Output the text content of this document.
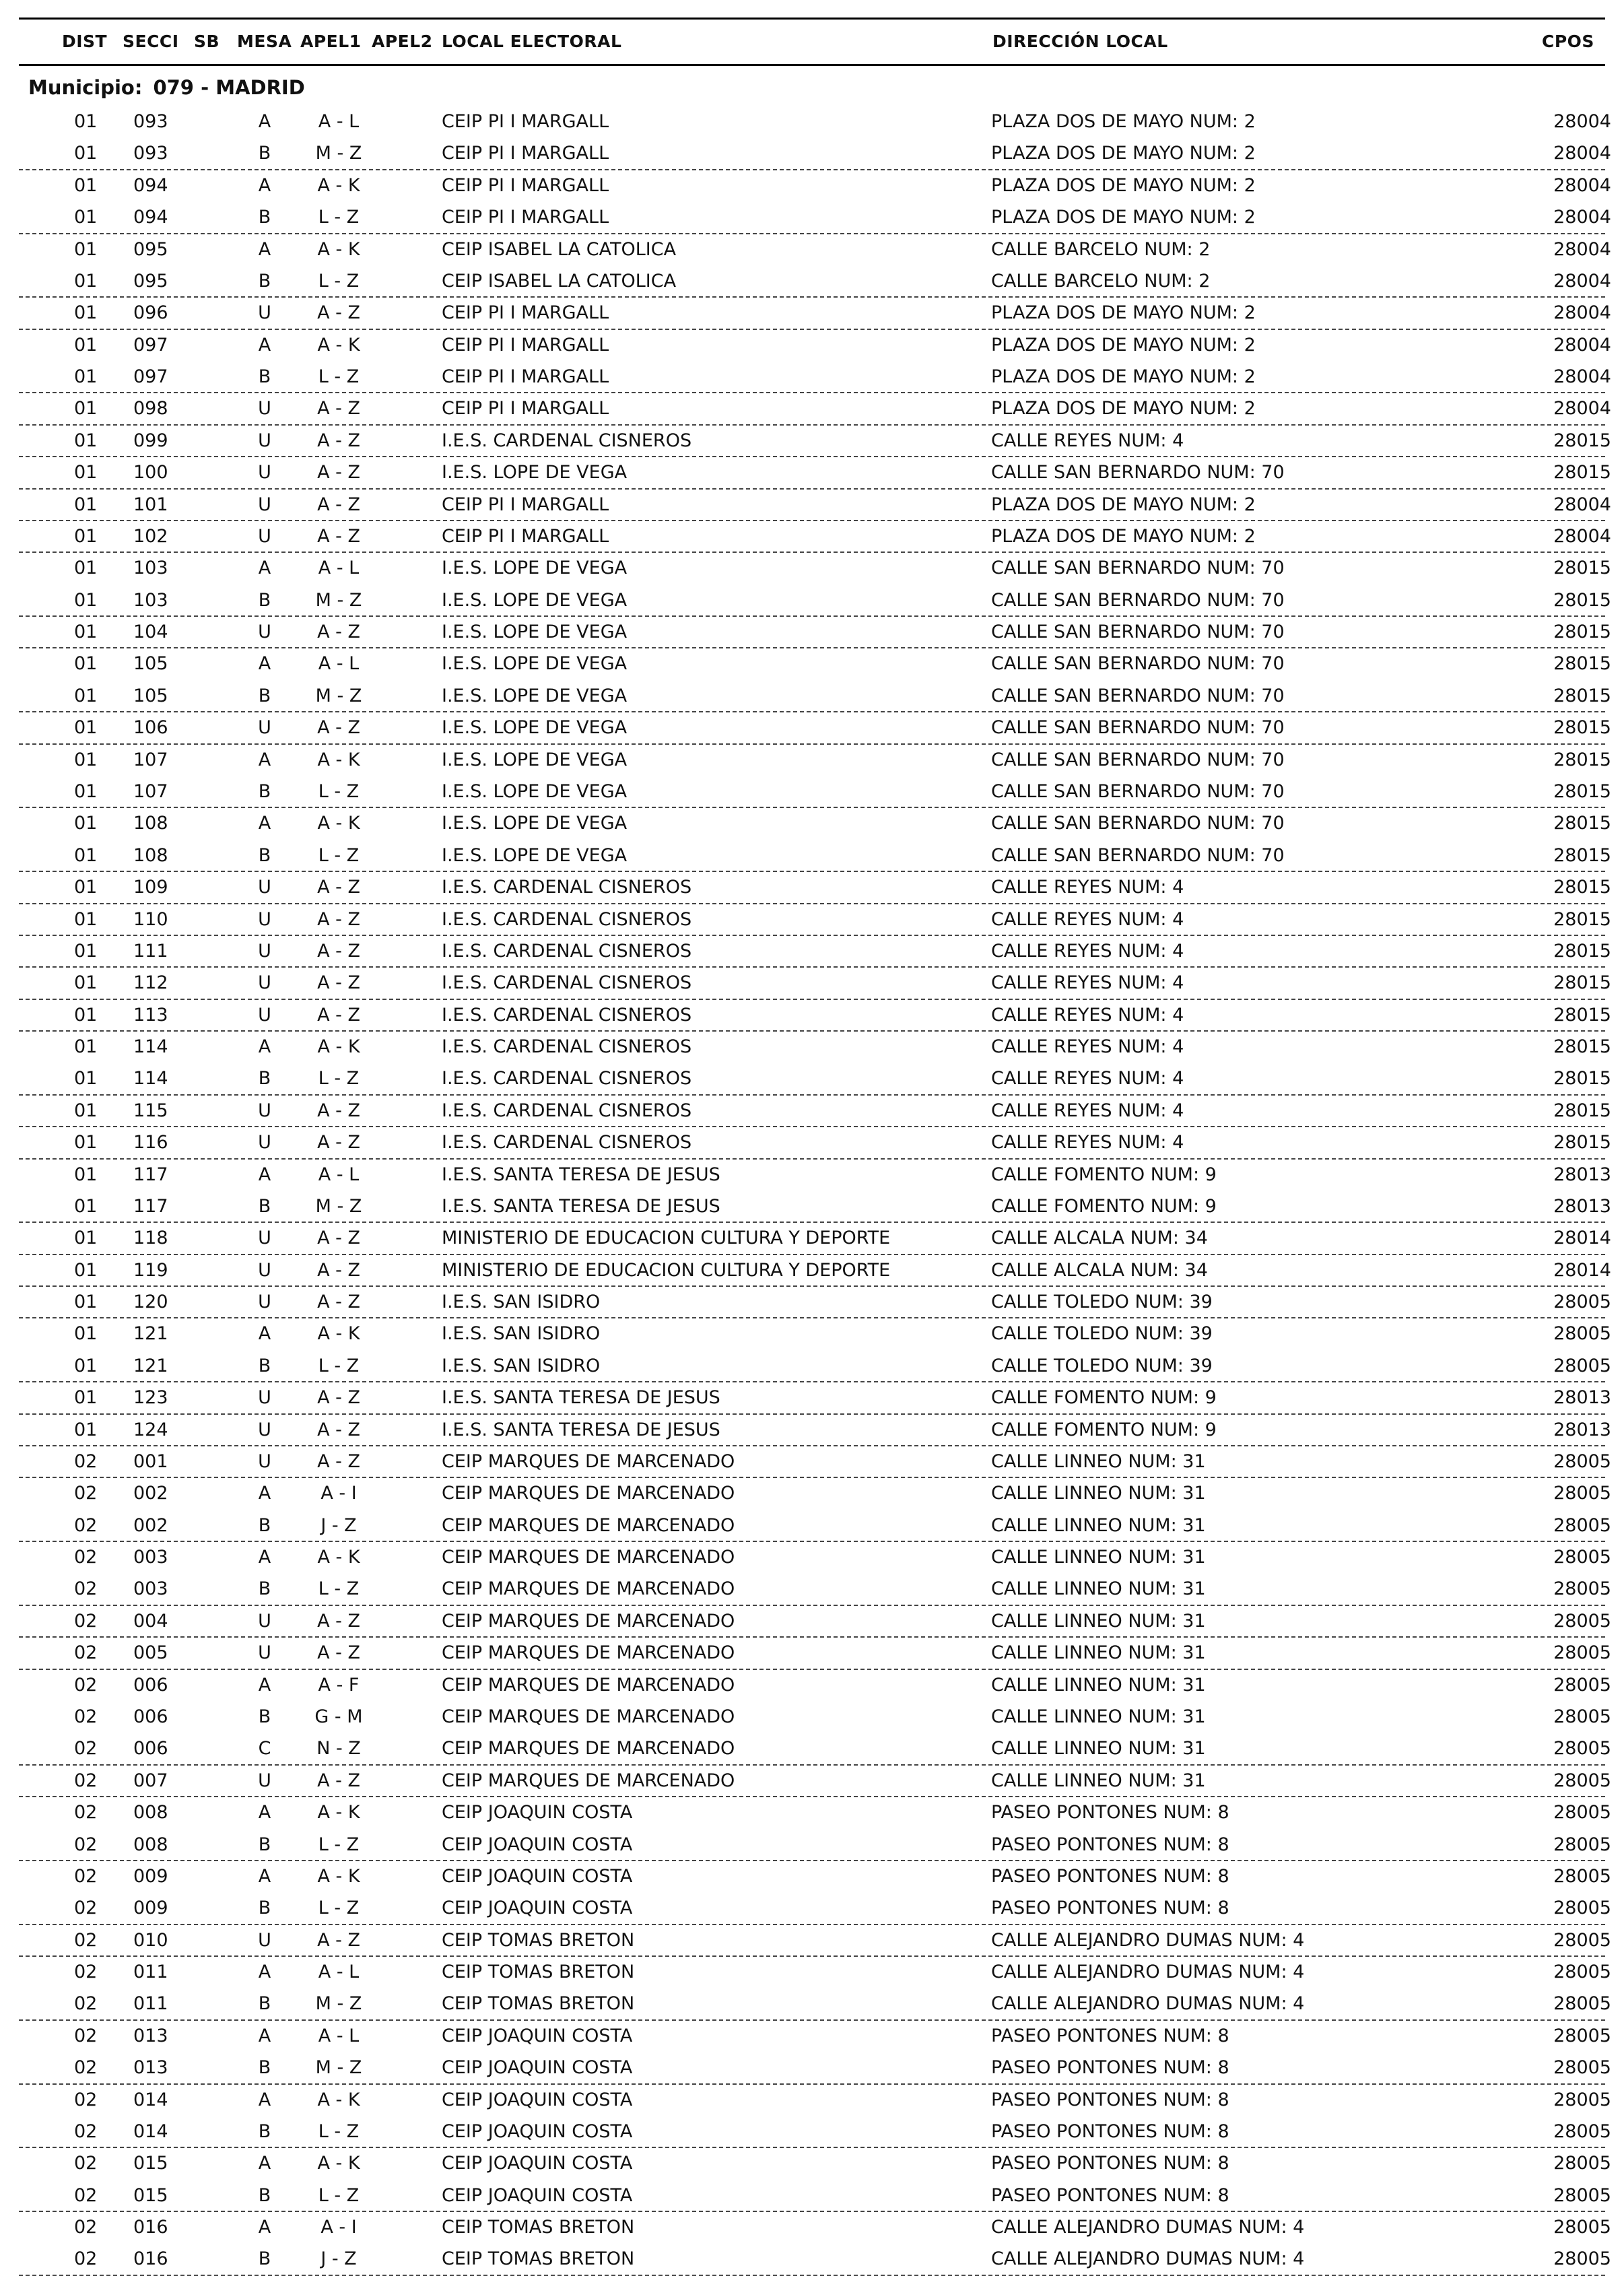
DIST SECCI SB MESA APEL1 APEL2 LOCAL ELECTORAL	DIRECCIÓN LOCAL	CPOS
Municipio: 079 - MADRID
01	093	A	A - L	CEIP PI I MARGALL	PLAZA DOS DE MAYO NUM: 2	28004
01	093	B	M - Z	CEIP PI I MARGALL	PLAZA DOS DE MAYO NUM: 2	28004
01	094	A	A - K	CEIP PI I MARGALL	PLAZA DOS DE MAYO NUM: 2	28004
01	094	B	L - Z	CEIP PI I MARGALL	PLAZA DOS DE MAYO NUM: 2	28004
01	095	A	A - K	CEIP ISABEL LA CATOLICA	CALLE BARCELO NUM: 2	28004
01	095	B	L - Z	CEIP ISABEL LA CATOLICA	CALLE BARCELO NUM: 2	28004
01	096	U	A - Z	CEIP PI I MARGALL	PLAZA DOS DE MAYO NUM: 2	28004
01	097	A	A - K	CEIP PI I MARGALL	PLAZA DOS DE MAYO NUM: 2	28004
01	097	B	L - Z	CEIP PI I MARGALL	PLAZA DOS DE MAYO NUM: 2	28004
01	098	U	A - Z	CEIP PI I MARGALL	PLAZA DOS DE MAYO NUM: 2	28004
01	099	U	A - Z	I.E.S. CARDENAL CISNEROS	CALLE REYES NUM: 4	28015
01	100	U	A - Z	I.E.S. LOPE DE VEGA	CALLE SAN BERNARDO NUM: 70	28015
01	101	U	A - Z	CEIP PI I MARGALL	PLAZA DOS DE MAYO NUM: 2	28004
01	102	U	A - Z	CEIP PI I MARGALL	PLAZA DOS DE MAYO NUM: 2	28004
01	103	A	A - L	I.E.S. LOPE DE VEGA	CALLE SAN BERNARDO NUM: 70	28015
01	103	B	M - Z	I.E.S. LOPE DE VEGA	CALLE SAN BERNARDO NUM: 70	28015
01	104	U	A - Z	I.E.S. LOPE DE VEGA	CALLE SAN BERNARDO NUM: 70	28015
01	105	A	A - L	I.E.S. LOPE DE VEGA	CALLE SAN BERNARDO NUM: 70	28015
01	105	B	M - Z	I.E.S. LOPE DE VEGA	CALLE SAN BERNARDO NUM: 70	28015
01	106	U	A - Z	I.E.S. LOPE DE VEGA	CALLE SAN BERNARDO NUM: 70	28015
01	107	A	A - K	I.E.S. LOPE DE VEGA	CALLE SAN BERNARDO NUM: 70	28015
01	107	B	L - Z	I.E.S. LOPE DE VEGA	CALLE SAN BERNARDO NUM: 70	28015
01	108	A	A - K	I.E.S. LOPE DE VEGA	CALLE SAN BERNARDO NUM: 70	28015
01	108	B	L - Z	I.E.S. LOPE DE VEGA	CALLE SAN BERNARDO NUM: 70	28015
01	109	U	A - Z	I.E.S. CARDENAL CISNEROS	CALLE REYES NUM: 4	28015
01	110	U	A - Z	I.E.S. CARDENAL CISNEROS	CALLE REYES NUM: 4	28015
01	111	U	A - Z	I.E.S. CARDENAL CISNEROS	CALLE REYES NUM: 4	28015
01	112	U	A - Z	I.E.S. CARDENAL CISNEROS	CALLE REYES NUM: 4	28015
01	113	U	A - Z	I.E.S. CARDENAL CISNEROS	CALLE REYES NUM: 4	28015
01	114	A	A - K	I.E.S. CARDENAL CISNEROS	CALLE REYES NUM: 4	28015
01	114	B	L - Z	I.E.S. CARDENAL CISNEROS	CALLE REYES NUM: 4	28015
01	115	U	A - Z	I.E.S. CARDENAL CISNEROS	CALLE REYES NUM: 4	28015
01	116	U	A - Z	I.E.S. CARDENAL CISNEROS	CALLE REYES NUM: 4	28015
01	117	A	A - L	I.E.S. SANTA TERESA DE JESUS	CALLE FOMENTO NUM: 9	28013
01	117	B	M - Z	I.E.S. SANTA TERESA DE JESUS	CALLE FOMENTO NUM: 9	28013
01	118	U	A - Z	MINISTERIO DE EDUCACION CULTURA Y DEPORTE	CALLE ALCALA NUM: 34	28014
01	119	U	A - Z	MINISTERIO DE EDUCACION CULTURA Y DEPORTE	CALLE ALCALA NUM: 34	28014
01	120	U	A - Z	I.E.S. SAN ISIDRO	CALLE TOLEDO NUM: 39	28005
01	121	A	A - K	I.E.S. SAN ISIDRO	CALLE TOLEDO NUM: 39	28005
01	121	B	L - Z	I.E.S. SAN ISIDRO	CALLE TOLEDO NUM: 39	28005
01	123	U	A - Z	I.E.S. SANTA TERESA DE JESUS	CALLE FOMENTO NUM: 9	28013
01	124	U	A - Z	I.E.S. SANTA TERESA DE JESUS	CALLE FOMENTO NUM: 9	28013
02	001	U	A - Z	CEIP MARQUES DE MARCENADO	CALLE LINNEO NUM: 31	28005
02	002	A	A - I	CEIP MARQUES DE MARCENADO	CALLE LINNEO NUM: 31	28005
02	002	B	J - Z	CEIP MARQUES DE MARCENADO	CALLE LINNEO NUM: 31	28005
02	003	A	A - K	CEIP MARQUES DE MARCENADO	CALLE LINNEO NUM: 31	28005
02	003	B	L - Z	CEIP MARQUES DE MARCENADO	CALLE LINNEO NUM: 31	28005
02	004	U	A - Z	CEIP MARQUES DE MARCENADO	CALLE LINNEO NUM: 31	28005
02	005	U	A - Z	CEIP MARQUES DE MARCENADO	CALLE LINNEO NUM: 31	28005
02	006	A	A - F	CEIP MARQUES DE MARCENADO	CALLE LINNEO NUM: 31	28005
02	006	B	G - M	CEIP MARQUES DE MARCENADO	CALLE LINNEO NUM: 31	28005
02	006	C	N - Z	CEIP MARQUES DE MARCENADO	CALLE LINNEO NUM: 31	28005
02	007	U	A - Z	CEIP MARQUES DE MARCENADO	CALLE LINNEO NUM: 31	28005
02	008	A	A - K	CEIP JOAQUIN COSTA	PASEO PONTONES NUM: 8	28005
02	008	B	L - Z	CEIP JOAQUIN COSTA	PASEO PONTONES NUM: 8	28005
02	009	A	A - K	CEIP JOAQUIN COSTA	PASEO PONTONES NUM: 8	28005
02	009	B	L - Z	CEIP JOAQUIN COSTA	PASEO PONTONES NUM: 8	28005
02	010	U	A - Z	CEIP TOMAS BRETON	CALLE ALEJANDRO DUMAS NUM: 4	28005
02	011	A	A - L	CEIP TOMAS BRETON	CALLE ALEJANDRO DUMAS NUM: 4	28005
02	011	B	M - Z	CEIP TOMAS BRETON	CALLE ALEJANDRO DUMAS NUM: 4	28005
02	013	A	A - L	CEIP JOAQUIN COSTA	PASEO PONTONES NUM: 8	28005
02	013	B	M - Z	CEIP JOAQUIN COSTA	PASEO PONTONES NUM: 8	28005
02	014	A	A - K	CEIP JOAQUIN COSTA	PASEO PONTONES NUM: 8	28005
02	014	B	L - Z	CEIP JOAQUIN COSTA	PASEO PONTONES NUM: 8	28005
02	015	A	A - K	CEIP JOAQUIN COSTA	PASEO PONTONES NUM: 8	28005
02	015	B	L - Z	CEIP JOAQUIN COSTA	PASEO PONTONES NUM: 8	28005
02	016	A	A - I	CEIP TOMAS BRETON	CALLE ALEJANDRO DUMAS NUM: 4	28005
02	016	B	J - Z	CEIP TOMAS BRETON	CALLE ALEJANDRO DUMAS NUM: 4	28005
